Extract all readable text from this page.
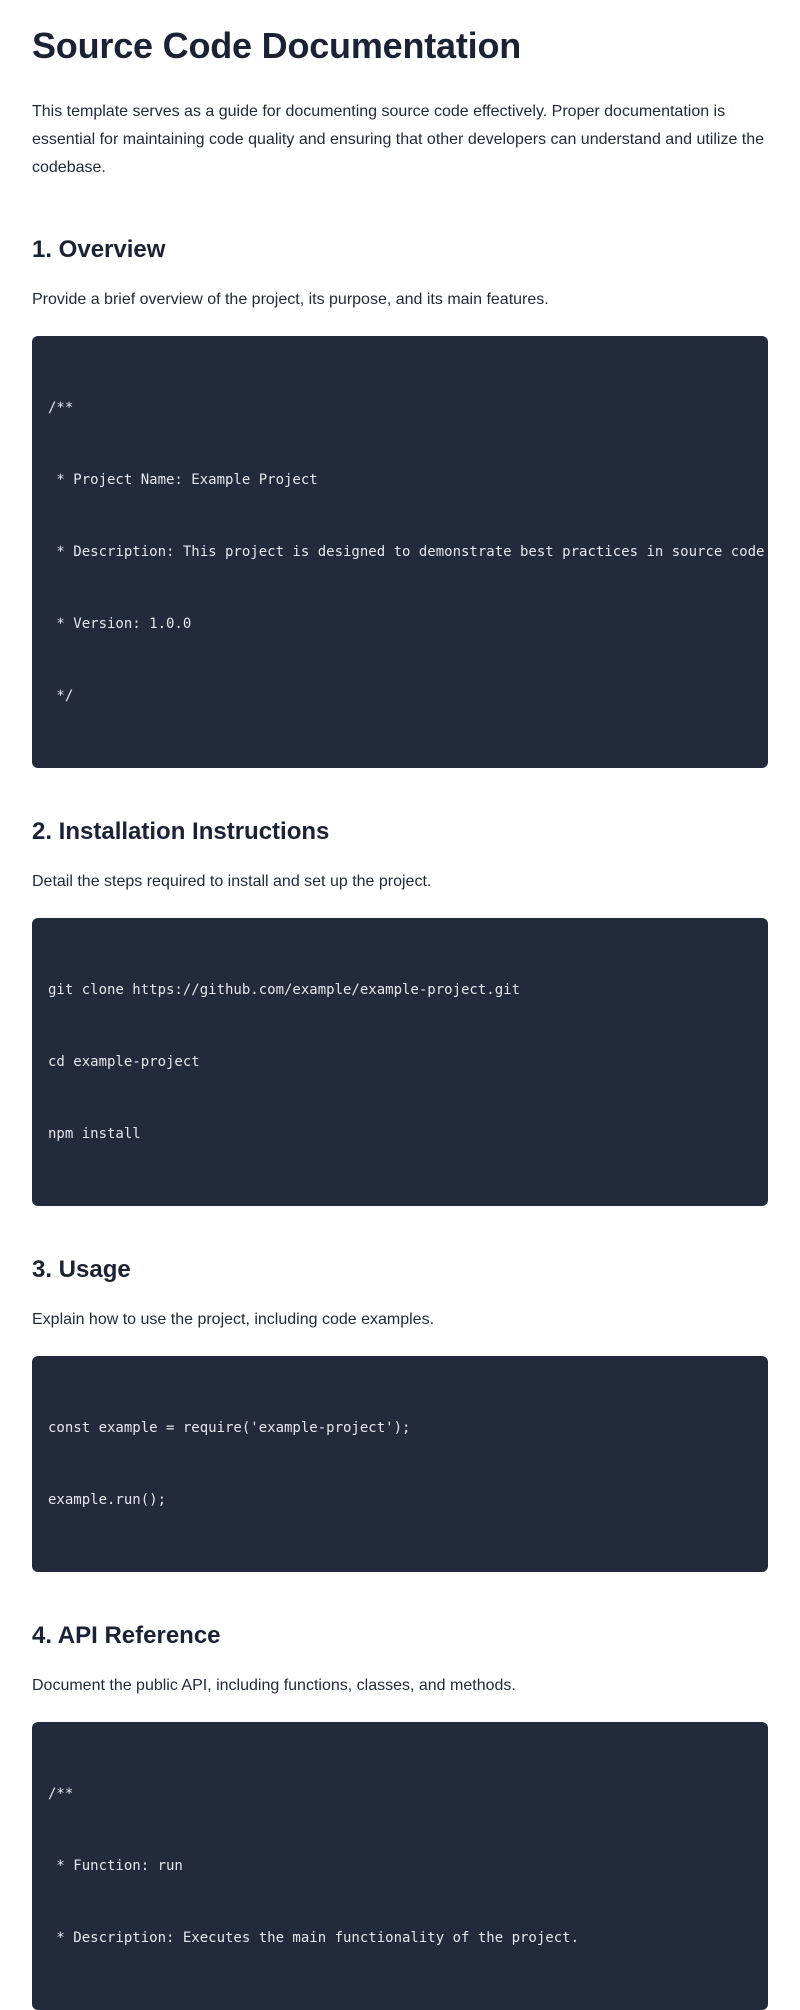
Source Code Documentation

This template serves as a guide for documenting source code effectively. Proper documentation is essential for maintaining code quality and ensuring that other developers can understand and utilize the codebase.

1. Overview

Provide a brief overview of the project, its purpose, and its main features.

/**

* Project Name: Example Project

* Description: This project is designed to demonstrate best practices in source code

* Version: 1.0.0

*/

2. Installation Instructions

Detail the steps required to install and set up the project.

git clone https://github.com/example/example-project.git

cd example-project

npm install

3. Usage

Explain how to use the project, including code examples.

const example = require('example-project');

example.run();

4. API Reference

Document the public API, including functions, classes, and methods.

/**

* Function: run

* Description: Executes the main functionality of the project.
